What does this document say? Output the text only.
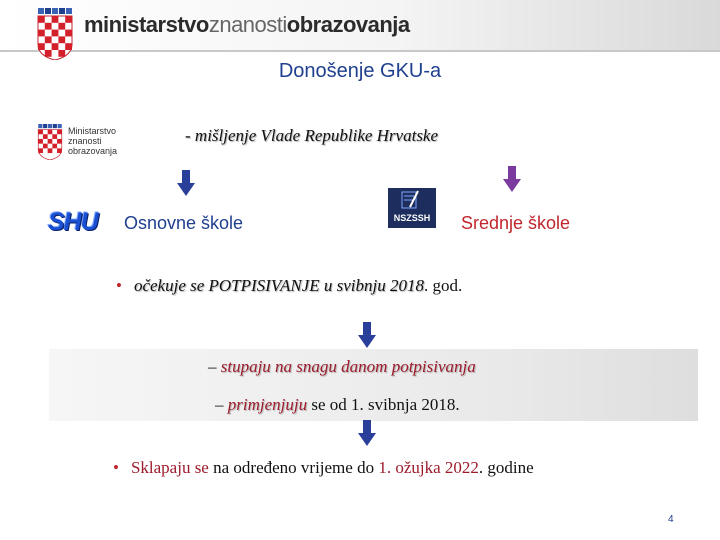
ministarstvoznanostiobrazovanja
Donošenje GKU-a
Ministarstvo
znanosti
obrazovanja
- mišljenje Vlade Republike Hrvatske
SHU Osnovne škole	NSZSSH	Srednje škole
• očekuje se POTPISIVANJE u svibnju 2018. god.
– stupaju na snagu danom potpisivanja
– primjenjuju se od 1. svibnja 2018.
• Sklapaju se na određeno vrijeme do 1. ožujka 2022. godine
4
